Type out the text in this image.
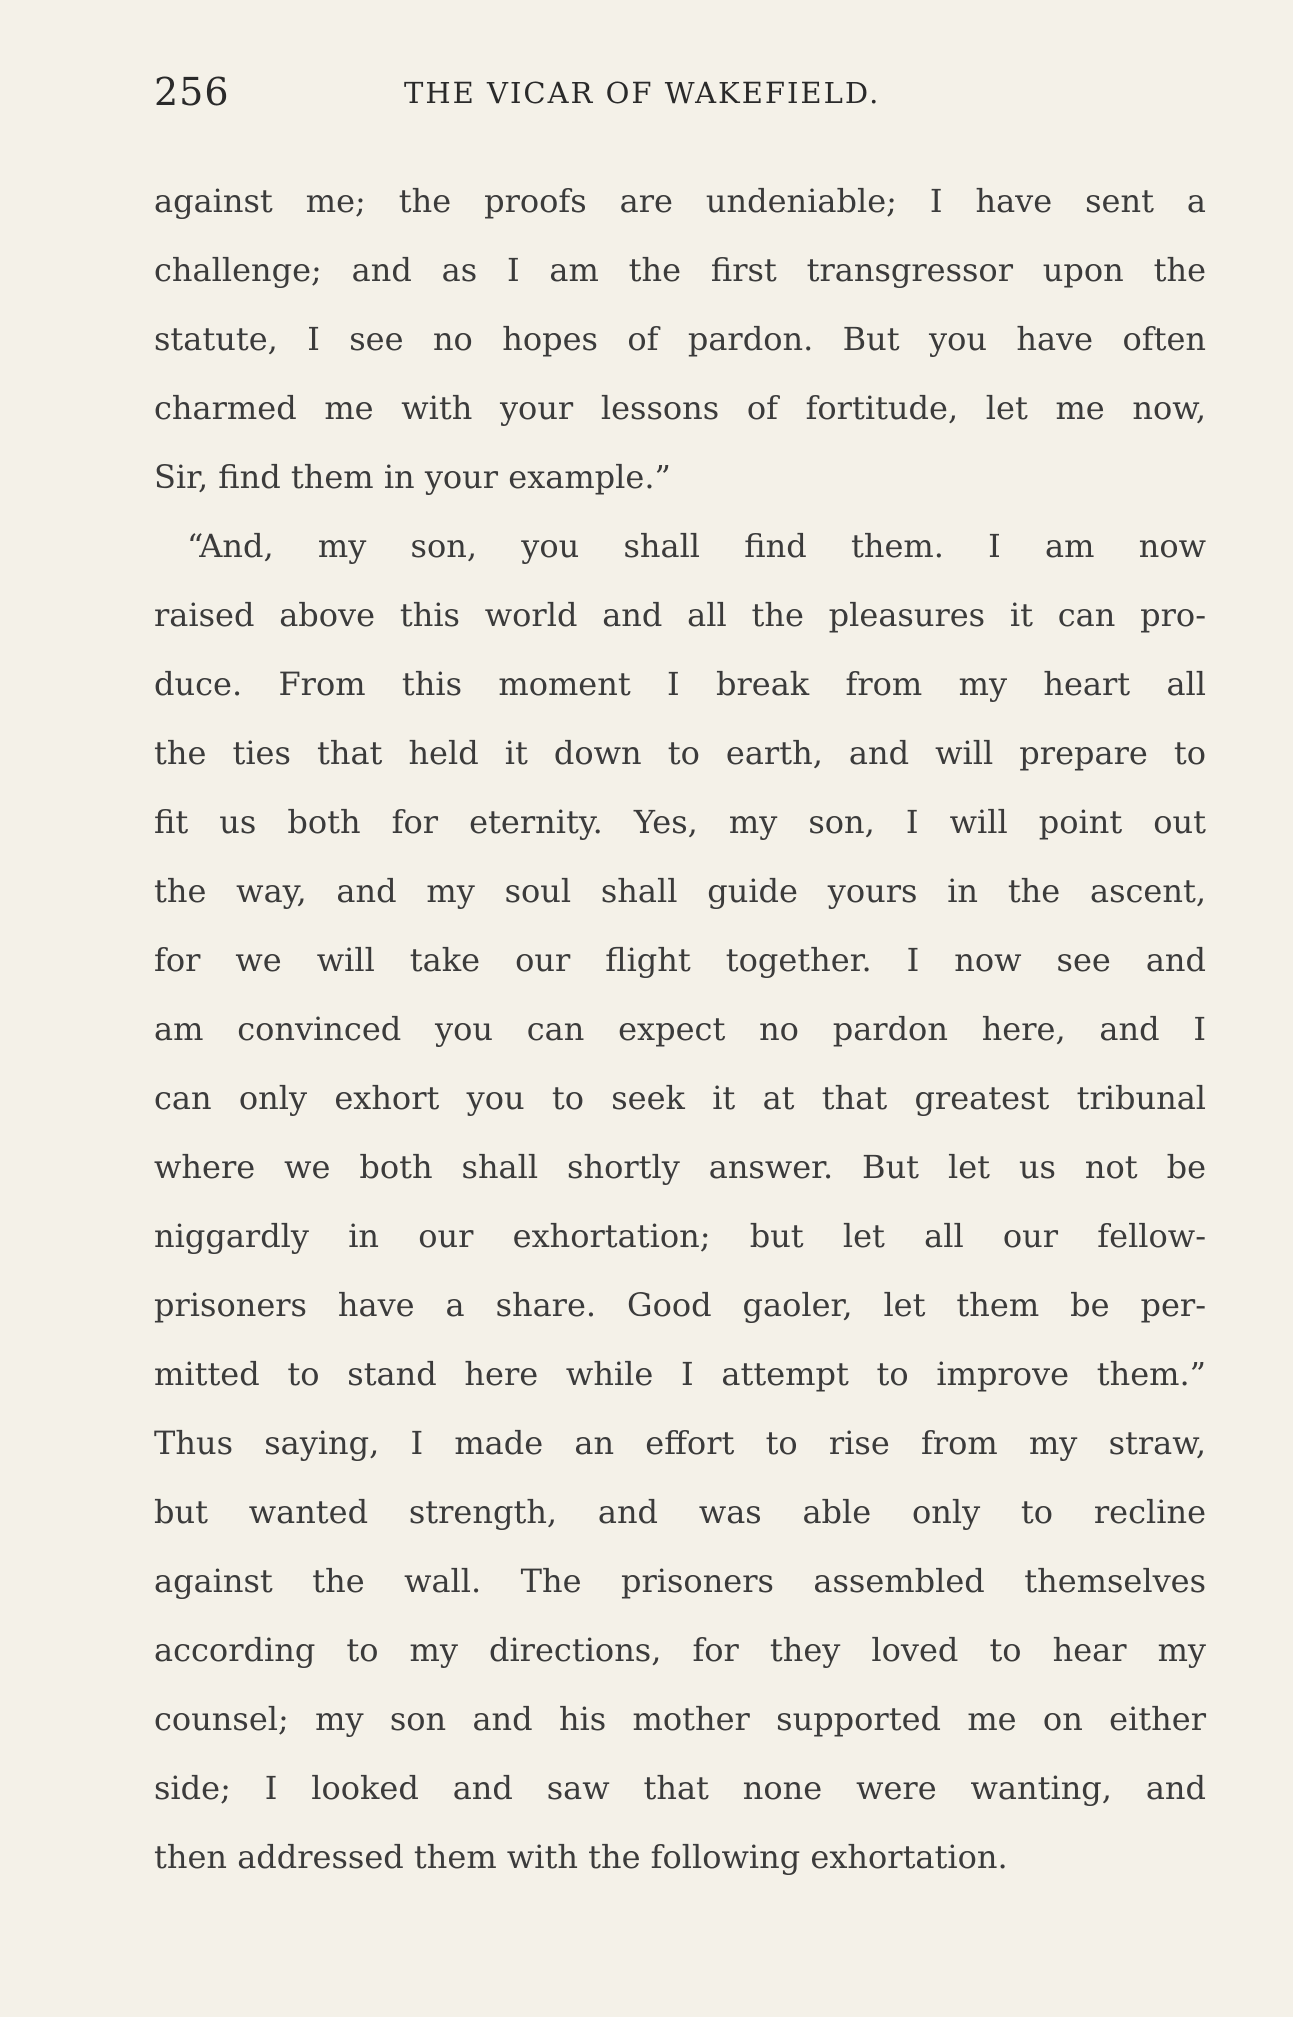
256	THE VICAR OF WAKEFIELD.
against me; the proofs are undeniable; I have sent a
challenge; and as I am the first transgressor upon the
statute, I see no hopes of pardon. But you have often
charmed me with your lessons of fortitude, let me now,
Sir, find them in your example.”
“And, my son, you shall find them. I am now
raised above this world and all the pleasures it can pro-
duce. From this moment I break from my heart all
the ties that held it down to earth, and will prepare to
fit us both for eternity. Yes, my son, I will point out
the way, and my soul shall guide yours in the ascent,
for we will take our flight together. I now see and
am convinced you can expect no pardon here, and I
can only exhort you to seek it at that greatest tribunal
where we both shall shortly answer. But let us not be
niggardly in our exhortation; but let all our fellow-
prisoners have a share. Good gaoler, let them be per-
mitted to stand here while I attempt to improve them.”
Thus saying, I made an effort to rise from my straw,
but wanted strength, and was able only to recline
against the wall. The prisoners assembled themselves
according to my directions, for they loved to hear my
counsel; my son and his mother supported me on either
side; I looked and saw that none were wanting, and
then addressed them with the following exhortation.
